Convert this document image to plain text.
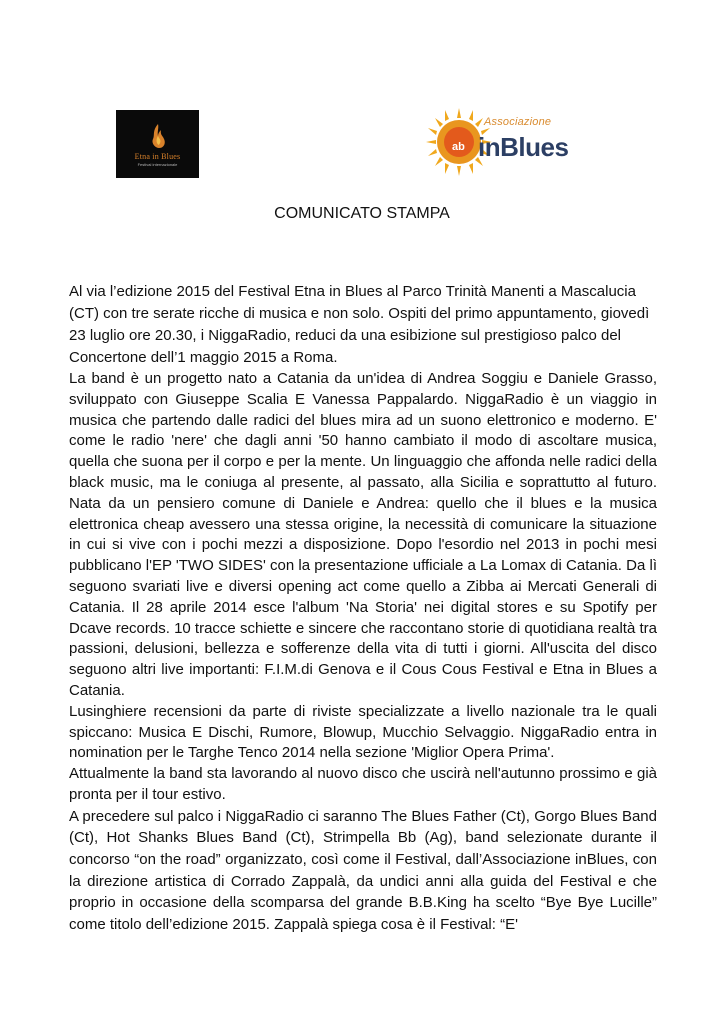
Etna in Blues
Festival internazionale
ab
Associazione
inBlues
COMUNICATO STAMPA

Al via l’edizione 2015 del Festival Etna in Blues al Parco Trinità Manenti a Mascalucia (CT) con tre serate ricche di musica e non solo. Ospiti del primo appuntamento, giovedì 23 luglio ore 20.30, i NiggaRadio, reduci da una esibizione sul prestigioso palco del Concertone dell’1 maggio 2015 a Roma.

La band è un progetto nato a Catania da un'idea di Andrea Soggiu e Daniele Grasso, sviluppato con Giuseppe Scalia E Vanessa Pappalardo. NiggaRadio è un viaggio in musica che partendo dalle radici del blues mira ad un suono elettronico e moderno. E' come le radio 'nere' che dagli anni '50 hanno cambiato il modo di ascoltare musica, quella che suona per il corpo e per la mente. Un linguaggio che affonda nelle radici della black music, ma le coniuga al presente, al passato, alla Sicilia e soprattutto al futuro. Nata da un pensiero comune di Daniele e Andrea: quello che il blues e la musica elettronica cheap avessero una stessa origine, la necessità di comunicare la situazione in cui si vive con i pochi mezzi a disposizione. Dopo l'esordio nel 2013 in pochi mesi pubblicano l'EP 'TWO SIDES' con la presentazione ufficiale a La Lomax di Catania. Da lì seguono svariati live e diversi opening act come quello a Zibba ai Mercati Generali di Catania. Il 28 aprile 2014 esce l'album 'Na Storia' nei digital stores e su Spotify per Dcave records. 10 tracce schiette e sincere che raccontano storie di quotidiana realtà tra passioni, delusioni, bellezza e sofferenze della vita di tutti i giorni. All'uscita del disco seguono altri live importanti: F.I.M.di Genova e il Cous Cous Festival e Etna in Blues a Catania.

Lusinghiere recensioni da parte di riviste specializzate a livello nazionale tra le quali spiccano: Musica E Dischi, Rumore, Blowup, Mucchio Selvaggio. NiggaRadio entra in nomination per le Targhe Tenco 2014 nella sezione 'Miglior Opera Prima'.

Attualmente la band sta lavorando al nuovo disco che uscirà nell'autunno prossimo e già pronta per il tour estivo.

A precedere sul palco i NiggaRadio ci saranno The Blues Father (Ct), Gorgo Blues Band (Ct), Hot Shanks Blues Band (Ct), Strimpella Bb (Ag), band selezionate durante il concorso “on the road” organizzato, così come il Festival, dall’Associazione inBlues, con la direzione artistica di Corrado Zappalà, da undici anni alla guida del Festival e che proprio in occasione della scomparsa del grande B.B.King ha scelto “Bye Bye Lucille” come titolo dell’edizione 2015. Zappalà spiega cosa è il Festival: “E'
